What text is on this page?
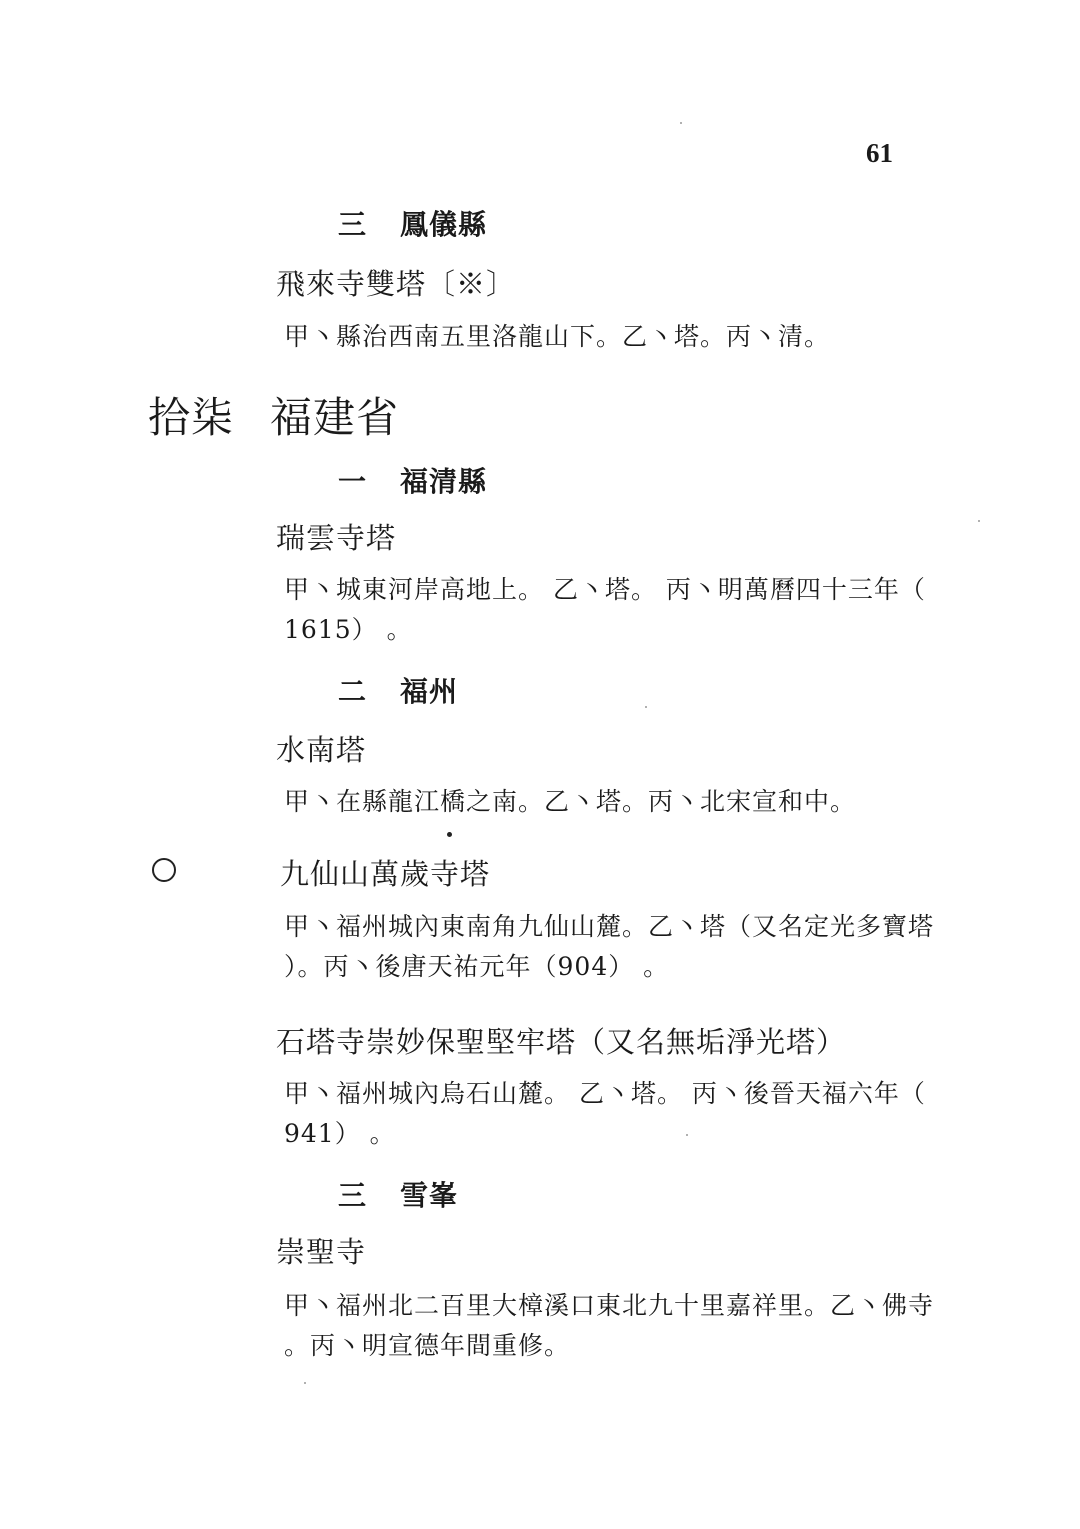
61
三 鳳儀縣
飛來寺雙塔〔※〕
甲丶縣治西南五里洛龍山下。乙丶塔。丙丶清。
拾柒 福建省
一 福清縣
瑞雲寺塔
甲丶城東河岸高地上。 乙丶塔。 丙丶明萬曆四十三年（
1615） 。
二 福州
水南塔
甲丶在縣龍江橋之南。乙丶塔。丙丶北宋宣和中。
九仙山萬歲寺塔
甲丶福州城內東南角九仙山麓。乙丶塔（又名定光多寶塔
）。丙丶後唐天祐元年（904） 。
石塔寺崇妙保聖堅牢塔（又名無垢淨光塔）
甲丶福州城內烏石山麓。 乙丶塔。 丙丶後晉天福六年（
941） 。
三 雪峯
崇聖寺
甲丶福州北二百里大樟溪口東北九十里嘉祥里。乙丶佛寺
。丙丶明宣德年間重修。
